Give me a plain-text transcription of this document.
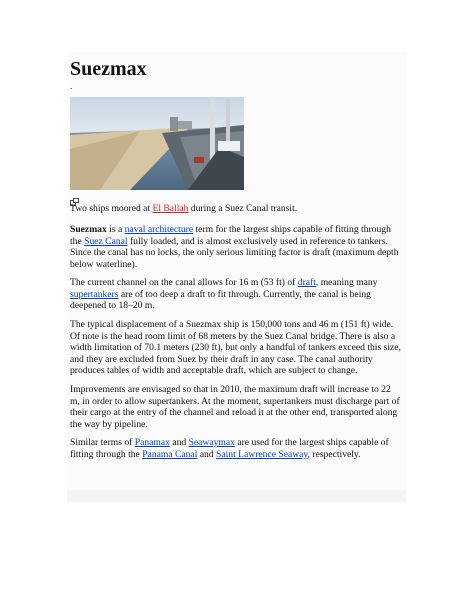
Suezmax
.
Two ships moored at El Ballah during a Suez Canal transit.
Suezmax is a naval architecture term for the largest ships capable of fitting through the Suez Canal fully loaded, and is almost exclusively used in reference to tankers. Since the canal has no locks, the only serious limiting factor is draft (maximum depth below waterline).
The current channel on the canal allows for 16 m (53 ft) of draft, meaning many supertankers are of too deep a draft to fit through. Currently, the canal is being deepened to 18–20 m.
The typical displacement of a Suezmax ship is 150,000 tons and 46 m (151 ft) wide. Of note is the head room limit of 68 meters by the Suez Canal bridge. There is also a width limitation of 70.1 meters (230 ft), but only a handful of tankers exceed this size, and they are excluded from Suez by their draft in any case. The canal authority produces tables of width and acceptable draft, which are subject to change.
Improvements are envisaged so that in 2010, the maximum draft will increase to 22 m, in order to allow supertankers. At the moment, supertankers must discharge part of their cargo at the entry of the channel and reload it at the other end, transported along the way by pipeline.
Similar terms of Panamax and Seawaymax are used for the largest ships capable of fitting through the Panama Canal and Saint Lawrence Seaway, respectively.
